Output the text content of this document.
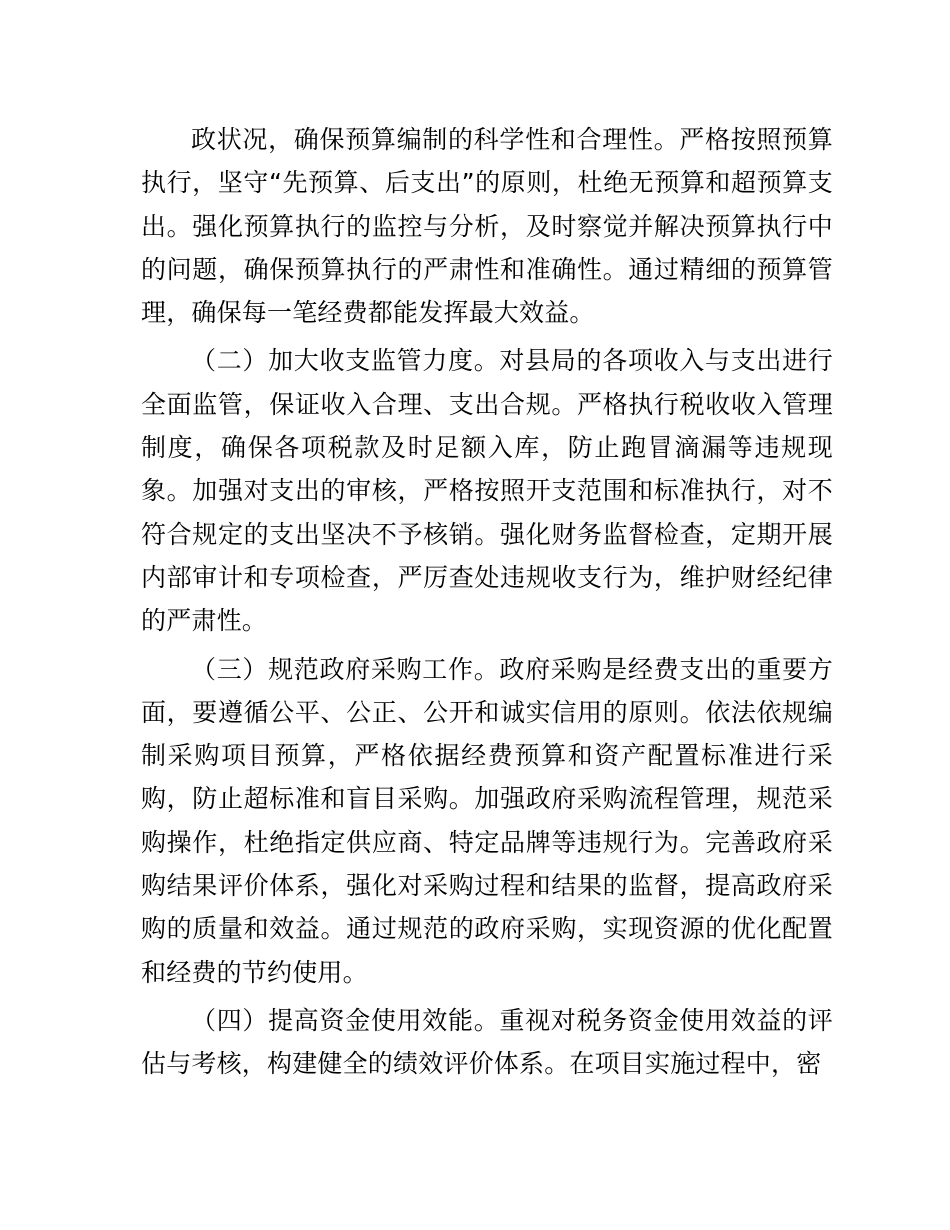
政状况，确保预算编制的科学性和合理性。严格按照预算执行，坚守“先预算、后支出”的原则，杜绝无预算和超预算支出。强化预算执行的监控与分析，及时察觉并解决预算执行中的问题，确保预算执行的严肃性和准确性。通过精细的预算管理，确保每一笔经费都能发挥最大效益。

（二）加大收支监管力度。对县局的各项收入与支出进行全面监管，保证收入合理、支出合规。严格执行税收收入管理制度，确保各项税款及时足额入库，防止跑冒滴漏等违规现象。加强对支出的审核，严格按照开支范围和标准执行，对不符合规定的支出坚决不予核销。强化财务监督检查，定期开展内部审计和专项检查，严厉查处违规收支行为，维护财经纪律的严肃性。

（三）规范政府采购工作。政府采购是经费支出的重要方面，要遵循公平、公正、公开和诚实信用的原则。依法依规编制采购项目预算，严格依据经费预算和资产配置标准进行采购，防止超标准和盲目采购。加强政府采购流程管理，规范采购操作，杜绝指定供应商、特定品牌等违规行为。完善政府采购结果评价体系，强化对采购过程和结果的监督，提高政府采购的质量和效益。通过规范的政府采购，实现资源的优化配置和经费的节约使用。

（四）提高资金使用效能。重视对税务资金使用效益的评估与考核，构建健全的绩效评价体系。在项目实施过程中，密
